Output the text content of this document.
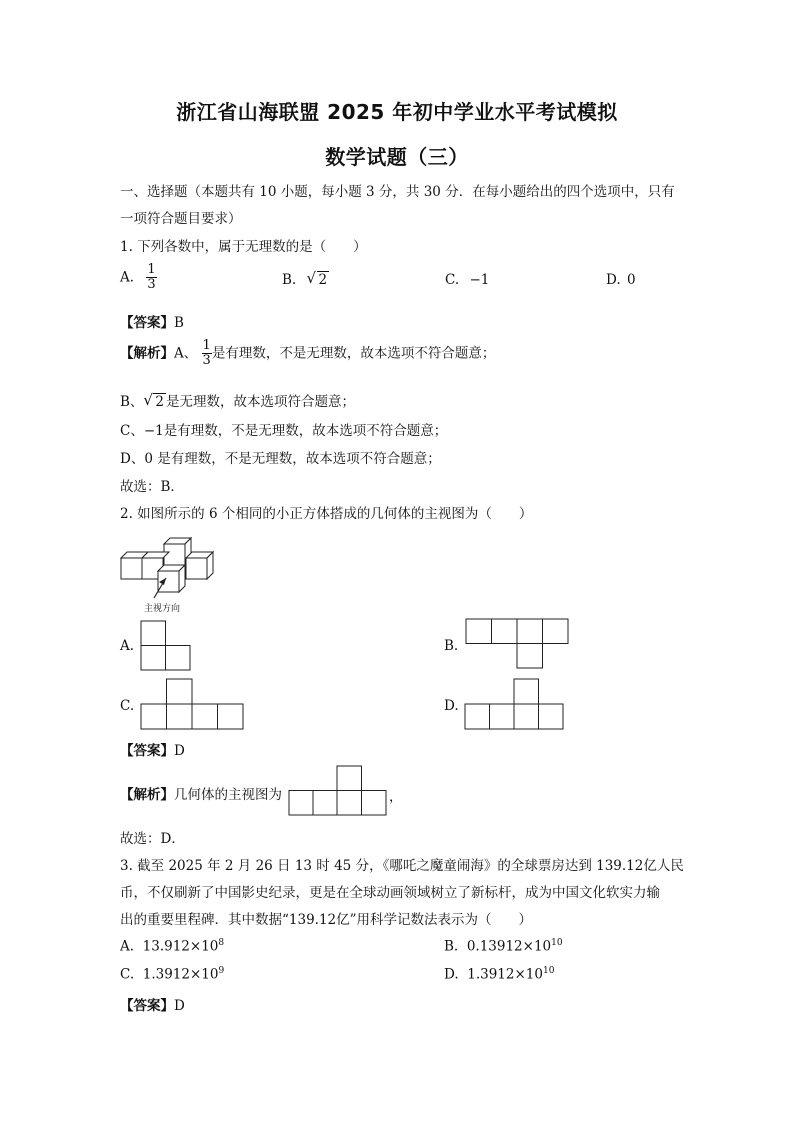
浙江省山海联盟 2025 年初中学业水平考试模拟
数学试题（三）
一、选择题（本题共有 10 小题，每小题 3 分，共 30 分．在每小题给出的四个选项中，只有
一项符合题目要求）
1. 下列各数中，属于无理数的是（　　）
A. $\frac{1}{3}$	B. √ 2	C. −1	D. 0
【答案】B
【解析】A、 $\frac{1}{3}$ 是有理数，不是无理数，故本选项不符合题意；
B、 √ 2 是无理数，故本选项符合题意；
C、−1是有理数，不是无理数，故本选项不符合题意；
D、0 是有理数，不是无理数，故本选项不符合题意；
故选：B．
2. 如图所示的 6 个相同的小正方体搭成的几何体的主视图为（　　）
主视方向
A.	B.
C.	D.
【答案】D
【解析】几何体的主视图为	，
故选：D．
3. 截至 2025 年 2 月 26 日 13 时 45 分，《哪吒之魔童闹海》的全球票房达到 139.12亿人民
币，不仅刷新了中国影史纪录，更是在全球动画领域树立了新标杆，成为中国文化软实力输
出的重要里程碑．其中数据“139.12亿”用科学记数法表示为（　　）
A. $13.912\times 10^8$	B. $0.13912\times 10^{10}$
C. $1.3912\times 10^9$	D. $1.3912\times 10^{10}$
【答案】D
